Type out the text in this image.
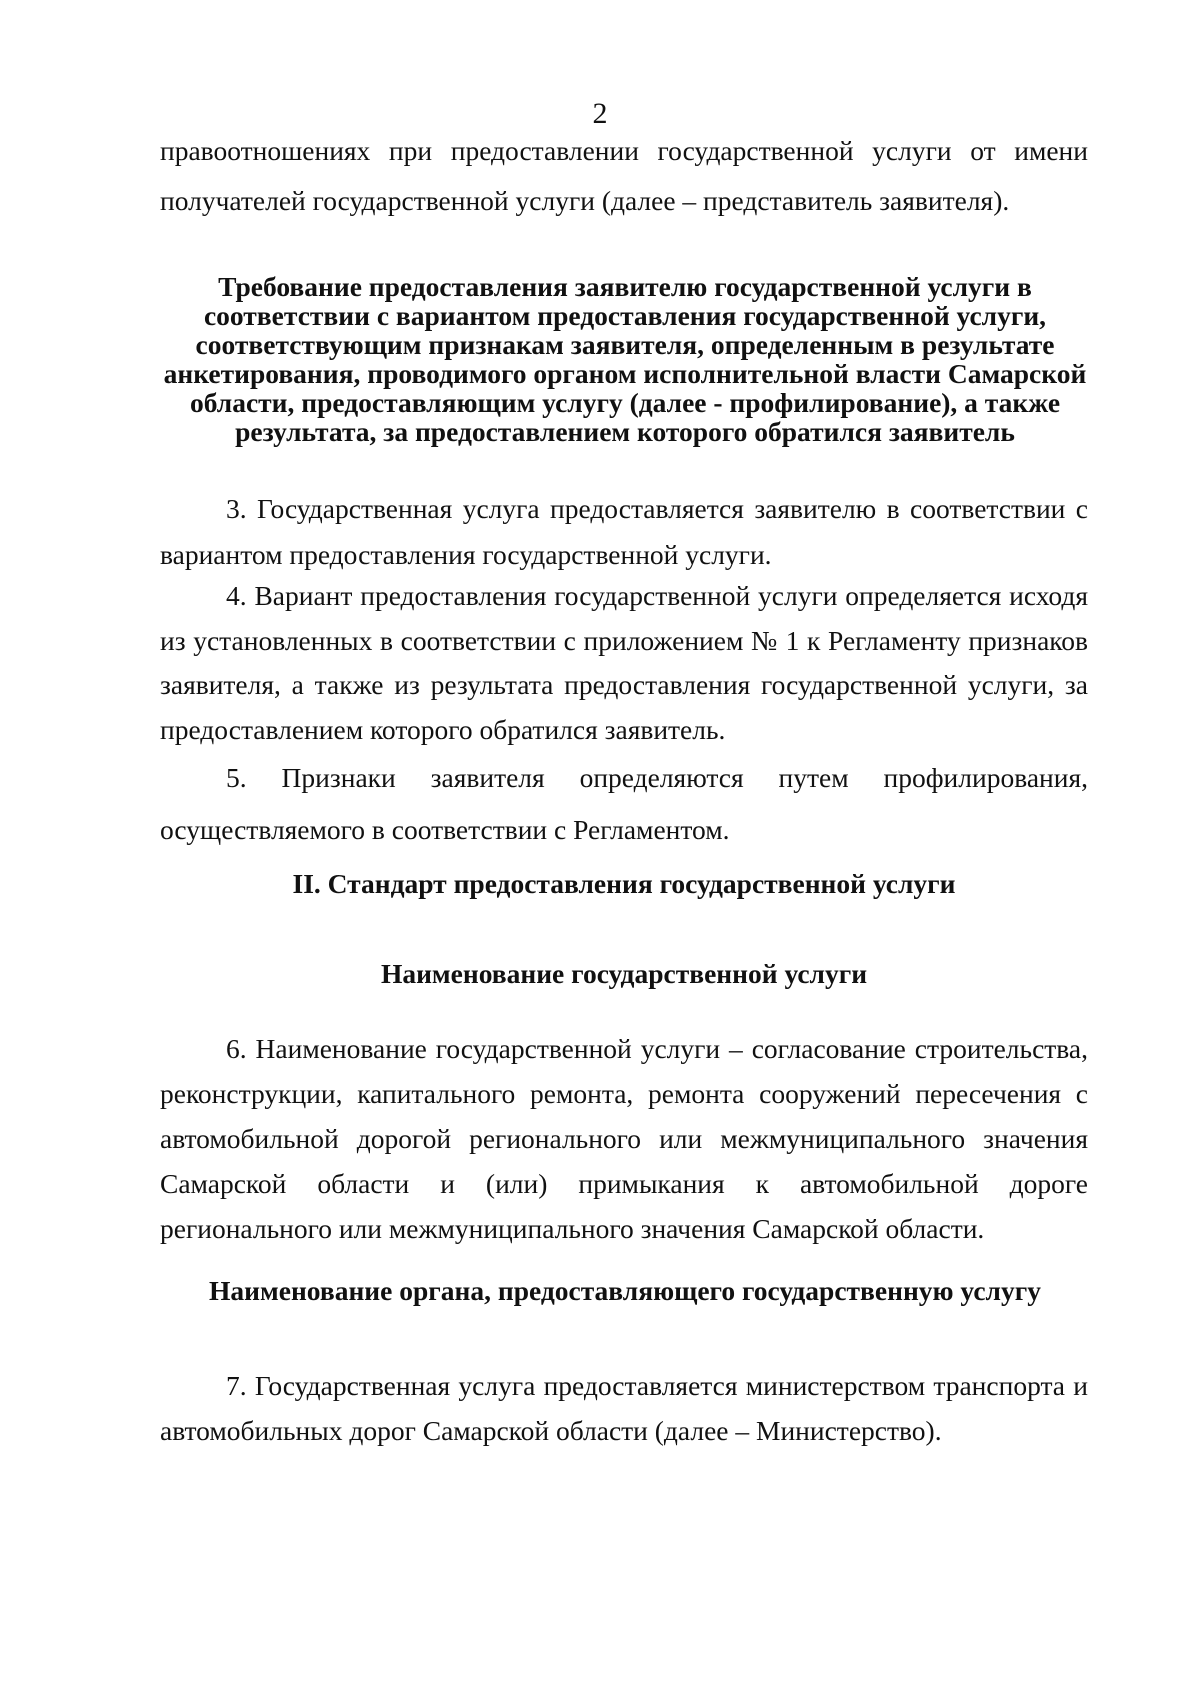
2
правоотношениях при предоставлении государственной услуги от имени получателей государственной услуги (далее – представитель заявителя).
Требование предоставления заявителю государственной услуги в соответствии с вариантом предоставления государственной услуги, соответствующим признакам заявителя, определенным в результате анкетирования, проводимого органом исполнительной власти Самарской области, предоставляющим услугу (далее - профилирование), а также результата, за предоставлением которого обратился заявитель
3. Государственная услуга предоставляется заявителю в соответствии с вариантом предоставления государственной услуги.
4. Вариант предоставления государственной услуги определяется исходя из установленных в соответствии с приложением № 1 к Регламенту признаков заявителя, а также из результата предоставления государственной услуги, за предоставлением которого обратился заявитель.
5. Признаки заявителя определяются путем профилирования, осуществляемого в соответствии с Регламентом.
II. Стандарт предоставления государственной услуги
Наименование государственной услуги
6. Наименование государственной услуги – согласование строительства, реконструкции, капитального ремонта, ремонта сооружений пересечения с автомобильной дорогой регионального или межмуниципального значения Самарской области и (или) примыкания к автомобильной дороге регионального или межмуниципального значения Самарской области.
Наименование органа, предоставляющего государственную услугу
7. Государственная услуга предоставляется министерством транспорта и автомобильных дорог Самарской области (далее – Министерство).
